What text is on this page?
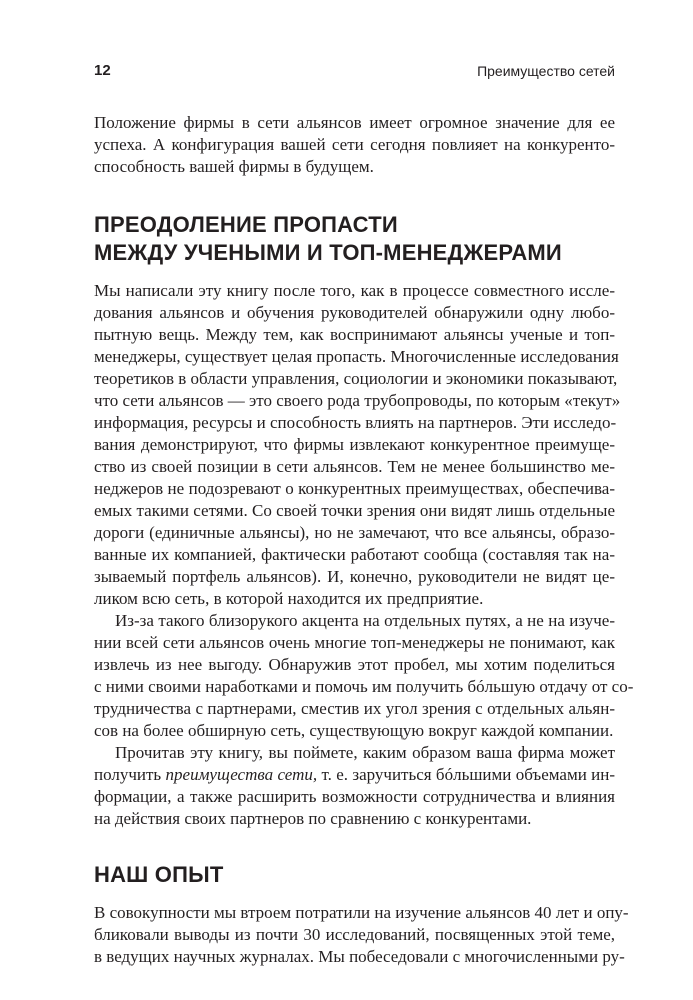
12	Преимущество сетей
Положение фирмы в сети альянсов имеет огромное значение для ее
успеха. А конфигурация вашей сети сегодня повлияет на конкуренто-
способность вашей фирмы в будущем.
ПРЕОДОЛЕНИЕ ПРОПАСТИ
МЕЖДУ УЧЕНЫМИ И ТОП-МЕНЕДЖЕРАМИ
Мы написали эту книгу после того, как в процессе совместного иссле-
дования альянсов и обучения руководителей обнаружили одну любо-
пытную вещь. Между тем, как воспринимают альянсы ученые и топ-
менеджеры, существует целая пропасть. Многочисленные исследования
теоретиков в области управления, социологии и экономики показывают,
что сети альянсов — это своего рода трубопроводы, по которым «текут»
информация, ресурсы и способность влиять на партнеров. Эти исследо-
вания демонстрируют, что фирмы извлекают конкурентное преимуще-
ство из своей позиции в сети альянсов. Тем не менее большинство ме-
неджеров не подозревают о конкурентных преимуществах, обеспечива-
емых такими сетями. Со своей точки зрения они видят лишь отдельные
дороги (единичные альянсы), но не замечают, что все альянсы, образо-
ванные их компанией, фактически работают сообща (составляя так на-
зываемый портфель альянсов). И, конечно, руководители не видят це-
ликом всю сеть, в которой находится их предприятие.
Из-за такого близорукого акцента на отдельных путях, а не на изуче-
нии всей сети альянсов очень многие топ-менеджеры не понимают, как
извлечь из нее выгоду. Обнаружив этот пробел, мы хотим поделиться
с ними своими наработками и помочь им получить бóльшую отдачу от со-
трудничества с партнерами, сместив их угол зрения с отдельных альян-
сов на более обширную сеть, существующую вокруг каждой компании.
Прочитав эту книгу, вы поймете, каким образом ваша фирма может
получить преимущества сети, т. е. заручиться бóльшими объемами ин-
формации, а также расширить возможности сотрудничества и влияния
на действия своих партнеров по сравнению с конкурентами.
НАШ ОПЫТ
В совокупности мы втроем потратили на изучение альянсов 40 лет и опу-
бликовали выводы из почти 30 исследований, посвященных этой теме,
в ведущих научных журналах. Мы побеседовали с многочисленными ру-
